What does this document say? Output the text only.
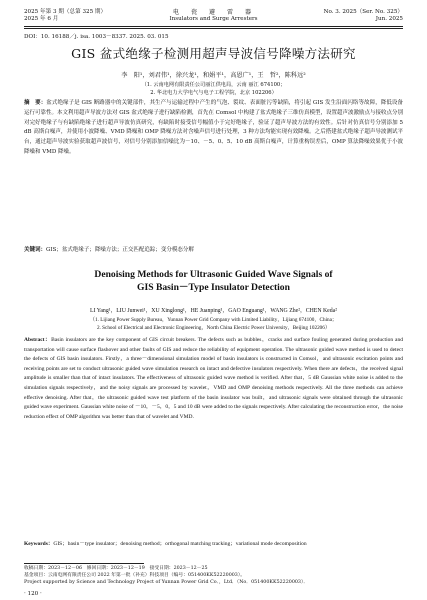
2025 年第 3 期（总第 325 期）
2025 年 6 月
电　瓷　避　雷　器
Insulators and Surge Arresters
No. 3. 2025（Ser. No. 325）
Jun. 2025
DOI：10. 16188／j. isa. 1003－8337. 2025. 03. 015
GIS 盆式绝缘子检测用超声导波信号降噪方法研究
李　阳¹，刘君伟¹，徐兴龙¹，和娟平¹，高恩广¹，王　哲²，陈科远²
（1. 云南电网有限责任公司丽江供电局，云南 丽江 674100；
2. 华北电力大学电气与电子工程学院，北京 102206）
摘　要：盆式绝缘子是 GIS 断路器中的关键部件，其生产与运输过程中产生的气泡、裂纹、表面脏污等缺陷，将引起 GIS 发生沿面闪络等故障，降低设备运行可靠性。本文利用超声导波方法对 GIS 盆式绝缘子进行缺陷检测，首先在 Comsol 中构建了盆式绝缘子三维仿真模型，设置超声波激励点与接收点分别对完好绝缘子与有缺陷绝缘子进行超声导波仿真研究，有缺陷时接受信号幅值小于完好绝缘子，验证了超声导波方法的有效性。后针对仿真信号分别添加 5 dB 高斯白噪声，并使用小波降噪、VMD 降噪和 OMP 降噪方法对含噪声信号进行处理，3 种方法均能实现有效降噪。之后搭建盆式绝缘子超声导波测试平台，通过超声导波实验获取超声波信号，对信号分别添加信噪比为－10、－5、0、5、10 dB 高斯白噪声，计算重构误差后，OMP 算法降噪效果优于小波降噪和 VMD 降噪。
关键词：GIS；盆式绝缘子；降噪方法；正交匹配追踪；变分模态分解
Denoising Methods for Ultrasonic Guided Wave Signals of
GIS Basin－Type Insulator Detection
LI Yang¹，LIU Junwei¹，XU Xinglong¹，HE Juanping¹，GAO Enguang¹，WANG Zhe²，CHEN Keda²
（1. Lijiang Power Supply Bureau，Yunnan Power Grid Company with Limited Liability，Lijiang 674100，China；
2. School of Electrical and Electronic Engineering，North China Electric Power University，Beijing 102206）
Abstract：Basin insulators are the key component of GIS circuit breakers. The defects such as bubbles，cracks and surface fouling generated during production and transportation will cause surface flashover and other faults of GIS and reduce the reliability of equipment operation. The ultrasonic guided wave method is used to detect the defects of GIS basin insulators. Firstly，a three－dimensional simulation model of basin insulators is constructed in Comsol，and ultrasonic excitation points and receiving points are set to conduct ultrasonic guided wave simulation research on intact and defective insulators respectively. When there are defects，the received signal amplitude is smaller than that of intact insulators. The effectiveness of ultrasonic guided wave method is verified. After that，5 dB Gaussian white noise is added to the simulation signals respectively，and the noisy signals are processed by wavelet，VMD and OMP denoising methods respectively. All the three methods can achieve effective denoising. After that，the ultrasonic guided wave test platform of the basin insulator was built，and ultrasonic signals were obtained through the ultrasonic guided wave experiment. Gaussian white noise of －10，－5，0，5 and 10 dB were added to the signals respectively. After calculating the reconstruction error，the noise reduction effect of OMP algorithm was better than that of wavelet and VMD.
Keywords：GIS；basin－type insulator；denoising method；orthogonal matching tracking；variational mode decomposition
收稿日期：2023－12－06　修回日期：2023－12－19　接受日期：2023－12－25
基金项目：云南电网有限责任公司 2022 年第一批（补充）科技项目（编号：051400KK52220003）。
Project supported by Science and Technology Project of Yunnan Power Grid Co．，Ltd．（No．051400KK52220003）．
· 120 ·
